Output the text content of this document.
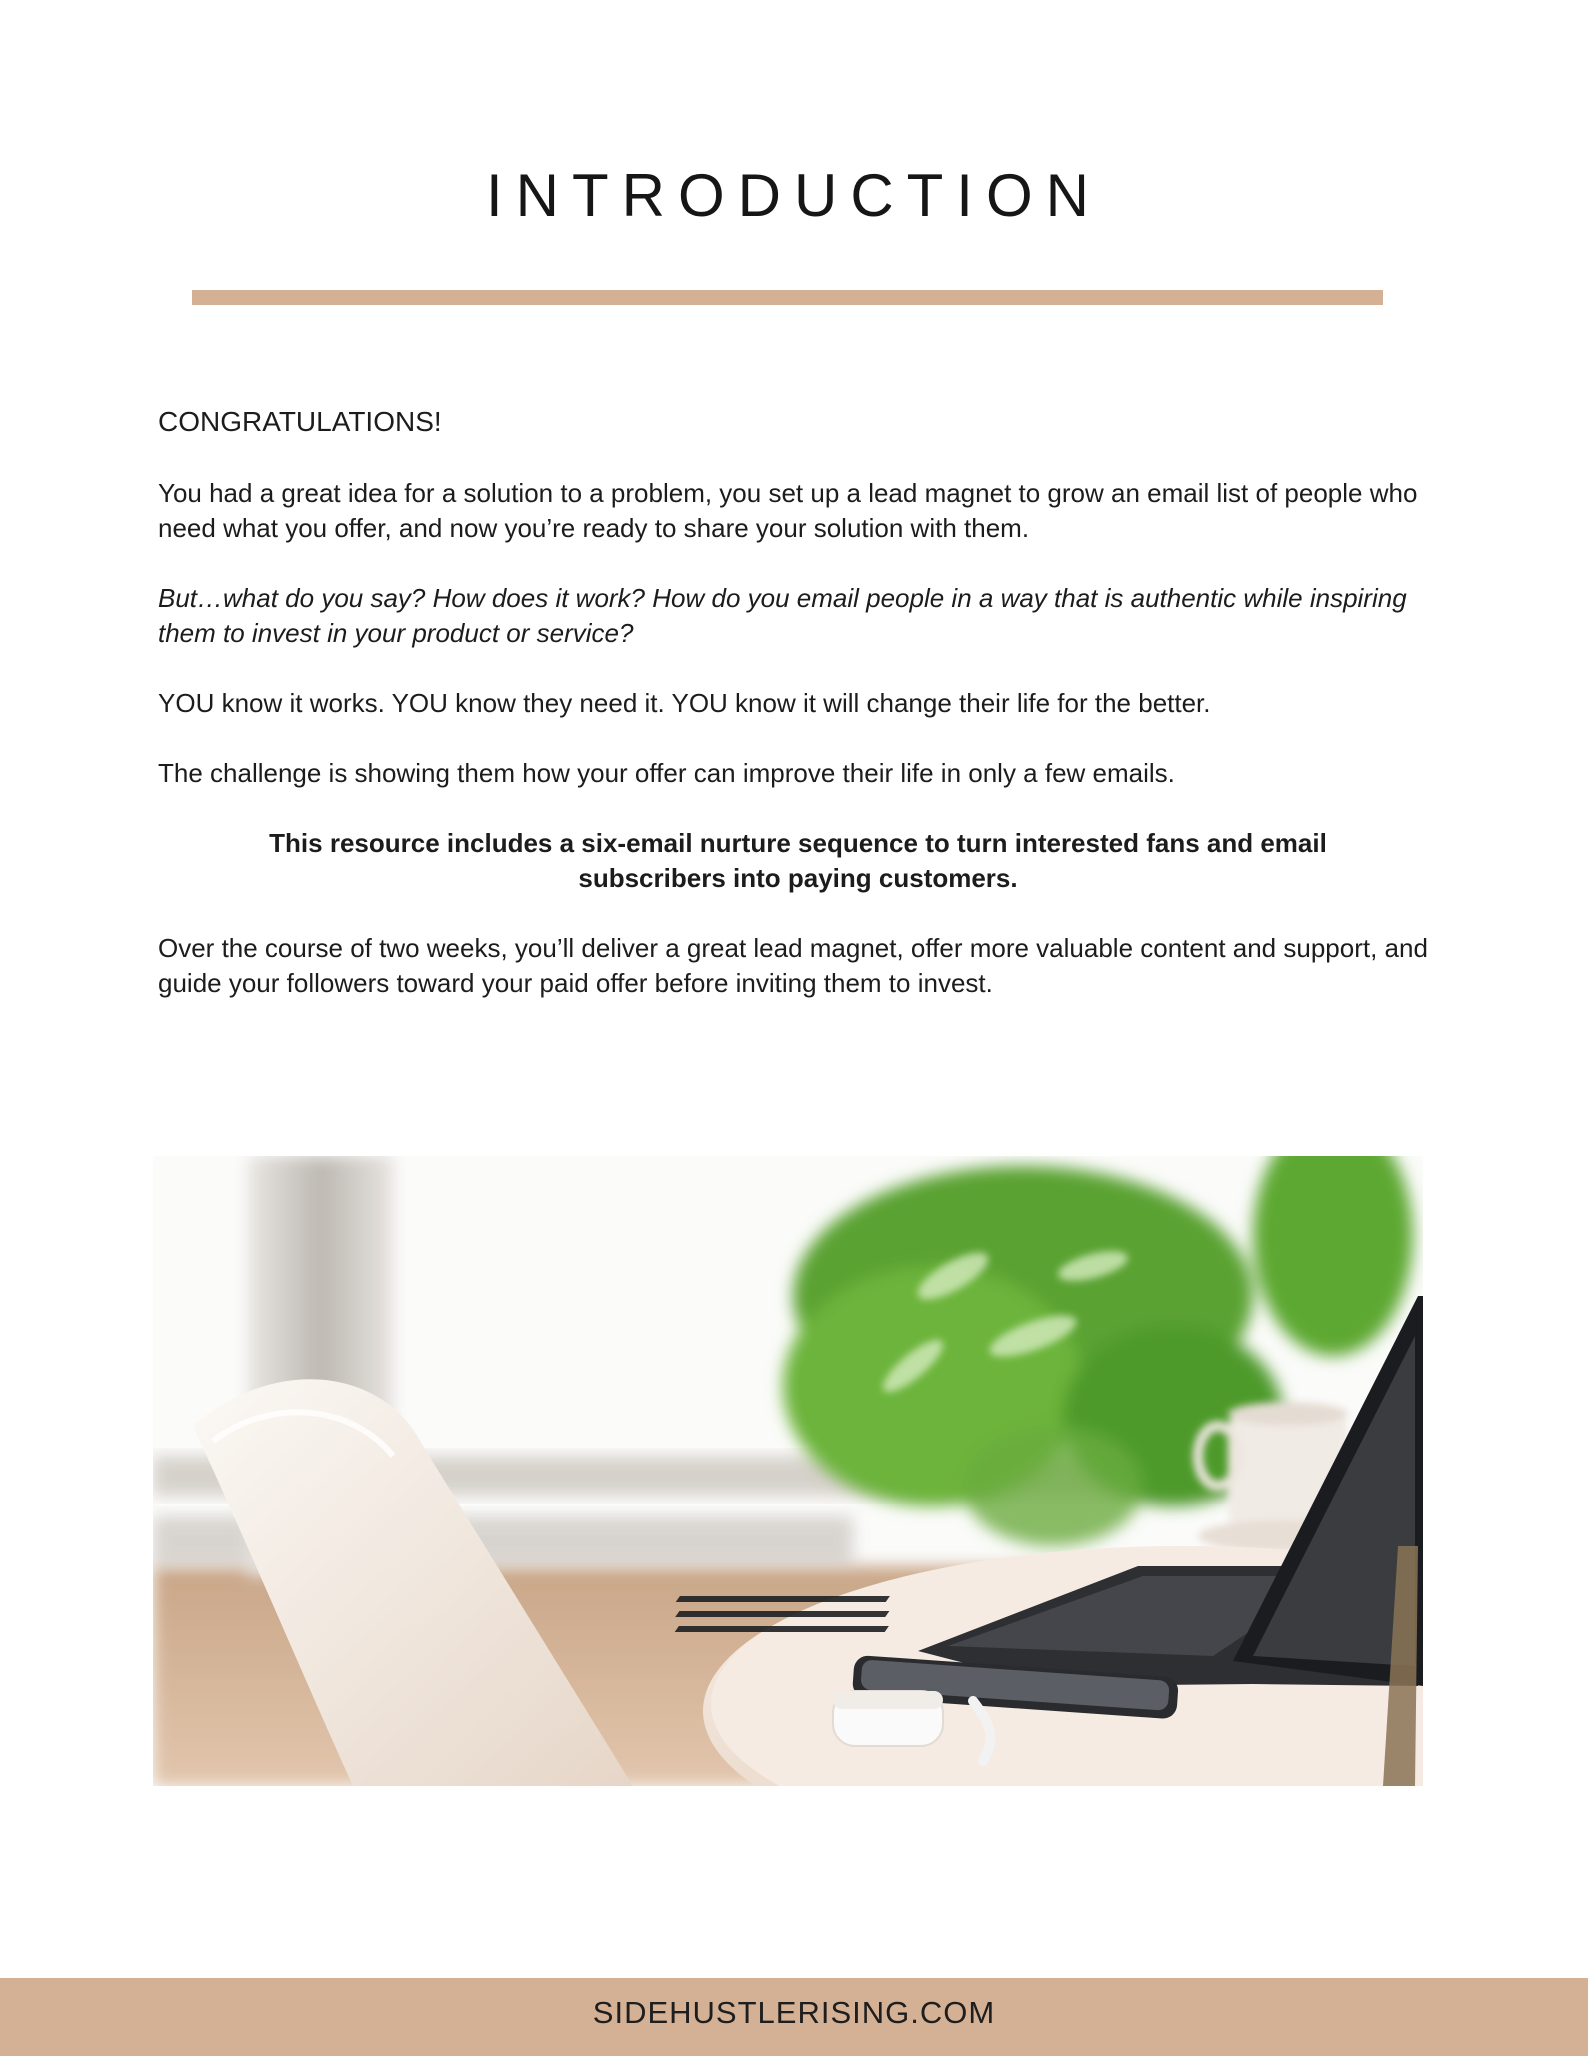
INTRODUCTION

CONGRATULATIONS!

You had a great idea for a solution to a problem, you set up a lead magnet to grow an email list of people who need what you offer, and now you’re ready to share your solution with them.

But…what do you say? How does it work? How do you email people in a way that is authentic while inspiring them to invest in your product or service?

YOU know it works. YOU know they need it. YOU know it will change their life for the better.

The challenge is showing them how your offer can improve their life in only a few emails.

This resource includes a six-email nurture sequence to turn interested fans and email subscribers into paying customers.

Over the course of two weeks, you’ll deliver a great lead magnet, offer more valuable content and support, and guide your followers toward your paid offer before inviting them to invest.

SIDEHUSTLERISING.COM
